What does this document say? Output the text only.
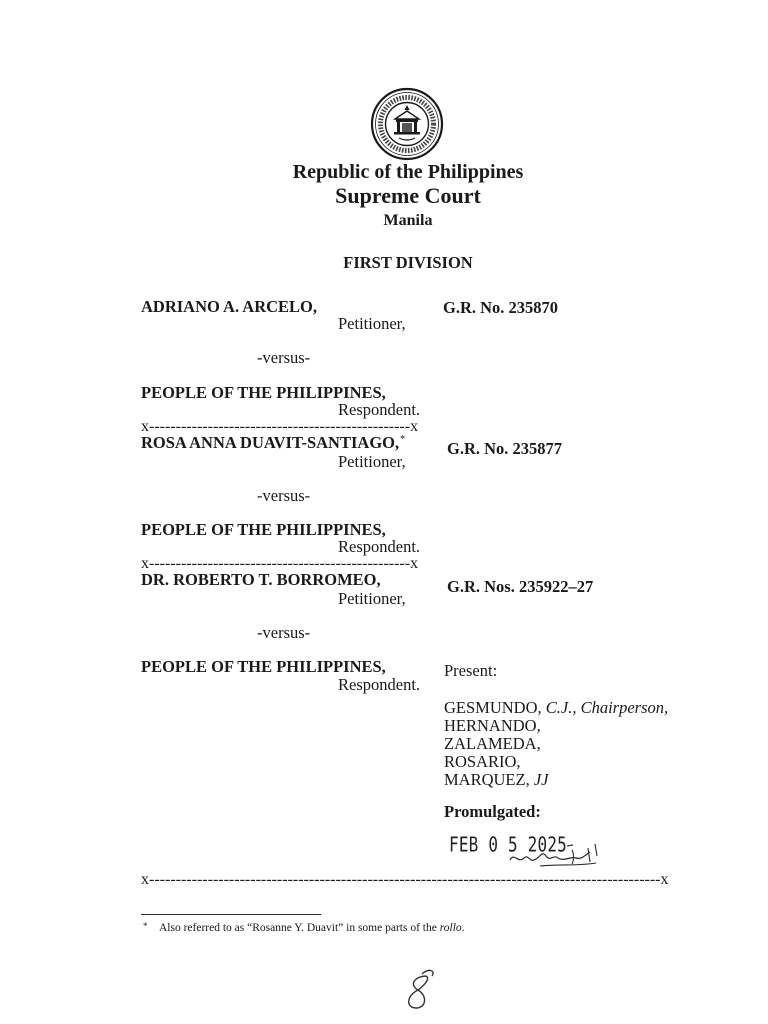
Republic of the Philippines
Supreme Court
Manila
FIRST DIVISION
ADRIANO A. ARCELO,	G.R. No. 235870
Petitioner,
-versus-
PEOPLE OF THE PHILIPPINES,
Respondent.
x-------------------------------------------------x
ROSA ANNA DUAVIT-SANTIAGO,*	G.R. No. 235877
Petitioner,
-versus-
PEOPLE OF THE PHILIPPINES,
Respondent.
x-------------------------------------------------x
DR. ROBERTO T. BORROMEO,	G.R. Nos. 235922–27
Petitioner,
-versus-
PEOPLE OF THE PHILIPPINES,
Respondent.
Present:
GESMUNDO, C.J., Chairperson,
HERNANDO,
ZALAMEDA,
ROSARIO,
MARQUEZ, JJ
Promulgated:
FEB 0 5 2025
x------------------------------------------------------------------------------------------------x
* Also referred to as “Rosanne Y. Duavit” in some parts of the rollo.
